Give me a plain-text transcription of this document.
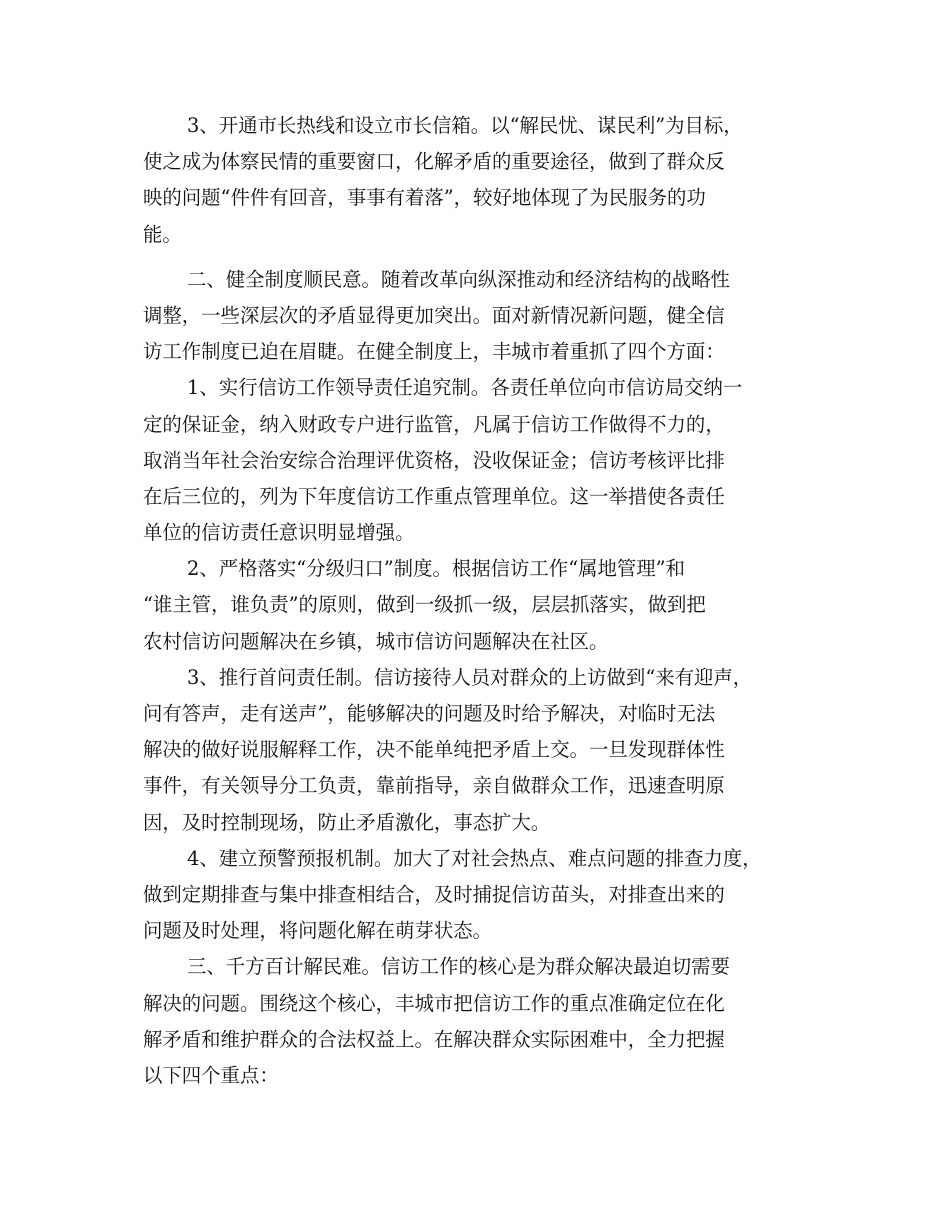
3、开通市长热线和设立市长信箱。以“解民忧、谋民利”为目标，
使之成为体察民情的重要窗口，化解矛盾的重要途径，做到了群众反
映的问题“件件有回音，事事有着落”，较好地体现了为民服务的功
能。
二、健全制度顺民意。随着改革向纵深推动和经济结构的战略性
调整，一些深层次的矛盾显得更加突出。面对新情况新问题，健全信
访工作制度已迫在眉睫。在健全制度上，丰城市着重抓了四个方面：
1、实行信访工作领导责任追究制。各责任单位向市信访局交纳一
定的保证金，纳入财政专户进行监管，凡属于信访工作做得不力的，
取消当年社会治安综合治理评优资格，没收保证金；信访考核评比排
在后三位的，列为下年度信访工作重点管理单位。这一举措使各责任
单位的信访责任意识明显增强。
2、严格落实“分级归口”制度。根据信访工作“属地管理”和
“谁主管，谁负责”的原则，做到一级抓一级，层层抓落实，做到把
农村信访问题解决在乡镇，城市信访问题解决在社区。
3、推行首问责任制。信访接待人员对群众的上访做到“来有迎声，
问有答声，走有送声”，能够解决的问题及时给予解决，对临时无法
解决的做好说服解释工作，决不能单纯把矛盾上交。一旦发现群体性
事件，有关领导分工负责，靠前指导，亲自做群众工作，迅速查明原
因，及时控制现场，防止矛盾激化，事态扩大。
4、建立预警预报机制。加大了对社会热点、难点问题的排查力度，
做到定期排查与集中排查相结合，及时捕捉信访苗头，对排查出来的
问题及时处理，将问题化解在萌芽状态。
三、千方百计解民难。信访工作的核心是为群众解决最迫切需要
解决的问题。围绕这个核心，丰城市把信访工作的重点准确定位在化
解矛盾和维护群众的合法权益上。在解决群众实际困难中，全力把握
以下四个重点：
